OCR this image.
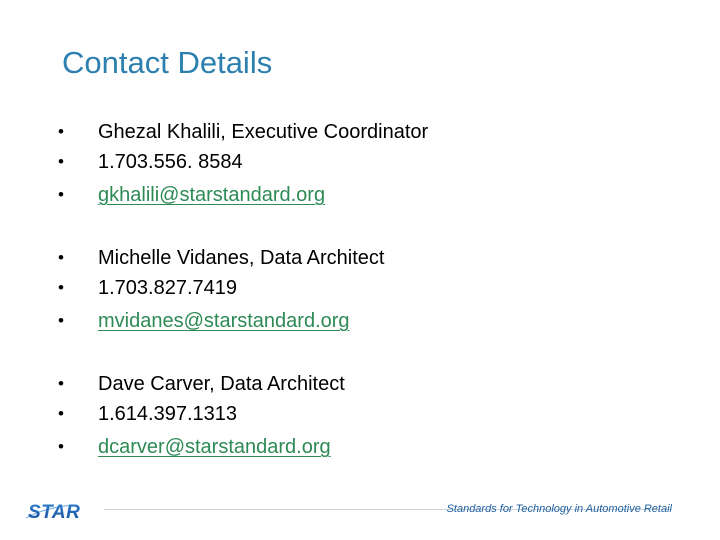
Contact Details
• Ghezal Khalili, Executive Coordinator
• 1.703.556. 8584
• gkhalili@starstandard.org
• Michelle Vidanes, Data Architect
• 1.703.827.7419
• mvidanes@starstandard.org
• Dave Carver, Data Architect
• 1.614.397.1313
• dcarver@starstandard.org
STAR	Standards for Technology in Automotive Retail
